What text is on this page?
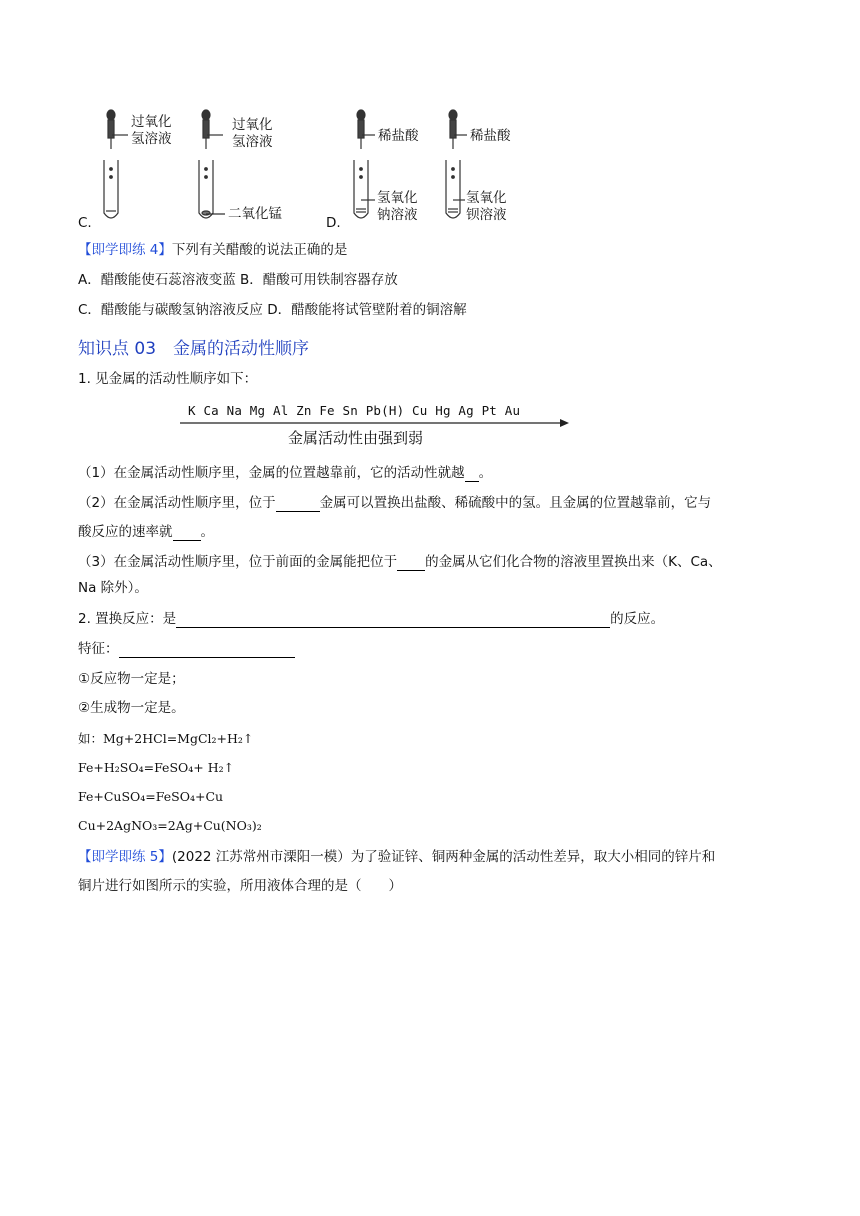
过氧化
氢溶液
过氧化
氢溶液
二氧化锰
稀盐酸	稀盐酸
氢氧化
钠溶液
氢氧化
钡溶液
C.	D.
【即学即练 4】下列有关醋酸的说法正确的是
A．醋酸能使石蕊溶液变蓝 B．醋酸可用铁制容器存放
C．醋酸能与碳酸氢钠溶液反应 D．醋酸能将试管壁附着的铜溶解
知识点 03　金属的活动性顺序
1. 见金属的活动性顺序如下：
K Ca Na Mg Al Zn Fe Sn Pb(H) Cu Hg Ag Pt Au
金属活动性由强到弱
（1）在金属活动性顺序里，金属的位置越靠前，它的活动性就越 。
（2）在金属活动性顺序里，位于	金属可以置换出盐酸、稀硫酸中的氢。且金属的位置越靠前，它与
酸反应的速率就 。
（3）在金属活动性顺序里，位于前面的金属能把位于 的金属从它们化合物的溶液里置换出来（K、Ca、
Na 除外）。
2. 置换反应：是	的反应。
特征：
①反应物一定是；
②生成物一定是。
如：Mg+2HCl=MgCl₂+H₂↑
Fe+H₂SO₄=FeSO₄+ H₂↑
Fe+CuSO₄=FeSO₄+Cu
Cu+2AgNO₃=2Ag+Cu(NO₃)₂
【即学即练 5】(2022 江苏常州市溧阳一模）为了验证锌、铜两种金属的活动性差异，取大小相同的锌片和
铜片进行如图所示的实验，所用液体合理的是（　　）
